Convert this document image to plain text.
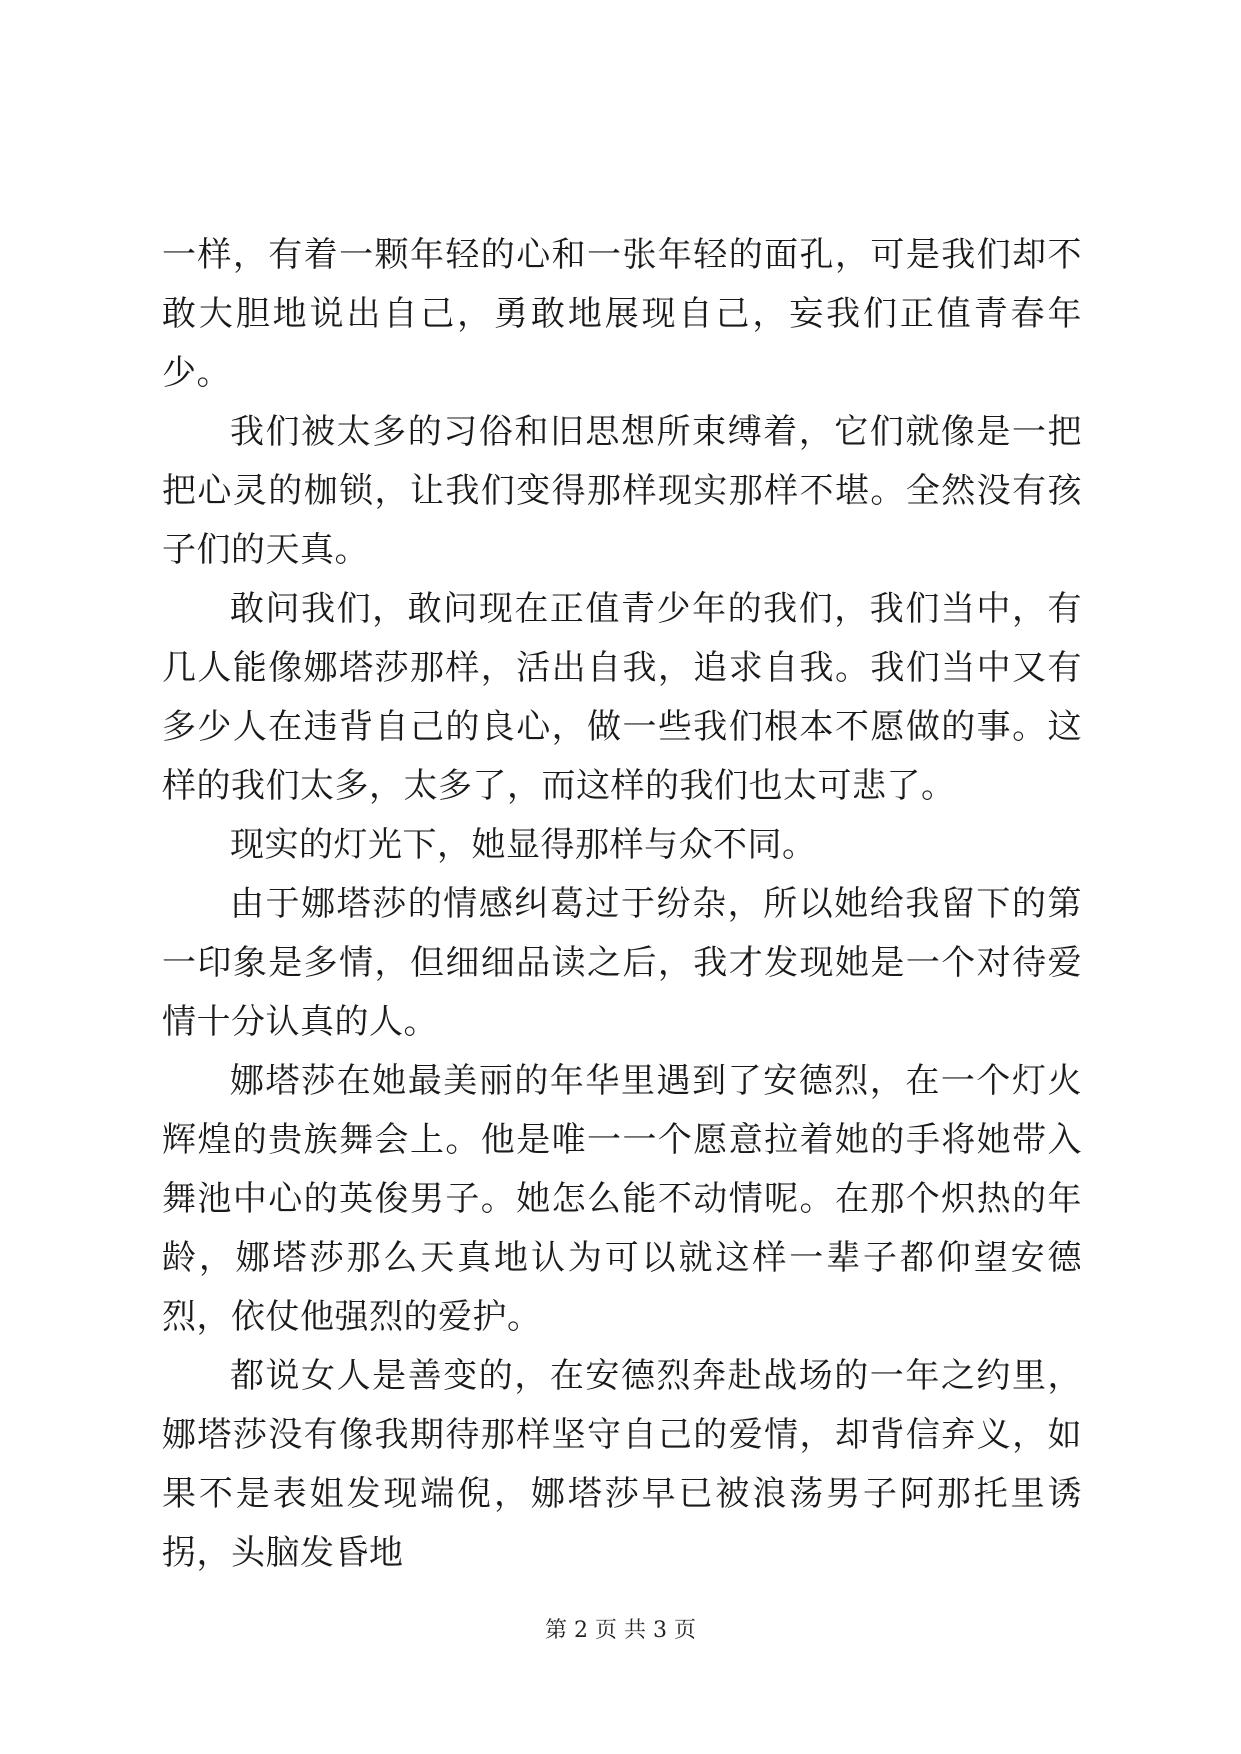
一样，有着一颗年轻的心和一张年轻的面孔，可是我们却不敢大胆地说出自己，勇敢地展现自己，妄我们正值青春年少。

我们被太多的习俗和旧思想所束缚着，它们就像是一把把心灵的枷锁，让我们变得那样现实那样不堪。全然没有孩子们的天真。

敢问我们，敢问现在正值青少年的我们，我们当中，有几人能像娜塔莎那样，活出自我，追求自我。我们当中又有多少人在违背自己的良心，做一些我们根本不愿做的事。这样的我们太多，太多了，而这样的我们也太可悲了。

现实的灯光下，她显得那样与众不同。

由于娜塔莎的情感纠葛过于纷杂，所以她给我留下的第一印象是多情，但细细品读之后，我才发现她是一个对待爱情十分认真的人。

娜塔莎在她最美丽的年华里遇到了安德烈，在一个灯火辉煌的贵族舞会上。他是唯一一个愿意拉着她的手将她带入舞池中心的英俊男子。她怎么能不动情呢。在那个炽热的年龄，娜塔莎那么天真地认为可以就这样一辈子都仰望安德烈，依仗他强烈的爱护。

都说女人是善变的，在安德烈奔赴战场的一年之约里，娜塔莎没有像我期待那样坚守自己的爱情，却背信弃义，如果不是表姐发现端倪，娜塔莎早已被浪荡男子阿那托里诱拐，头脑发昏地

第 2 页 共 3 页
